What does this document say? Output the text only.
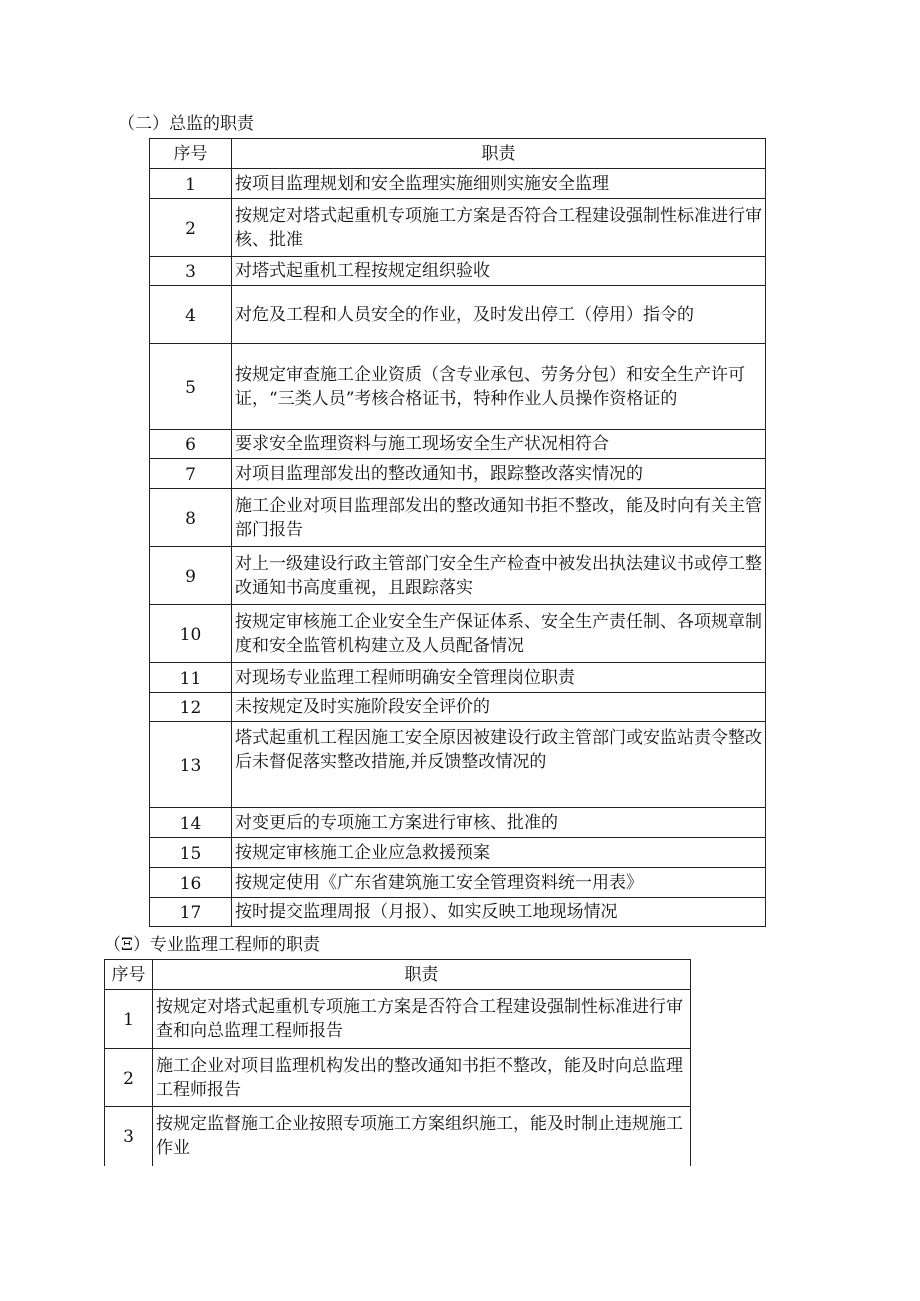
（二）总监的职责
序号	职责
1	按项目监理规划和安全监理实施细则实施安全监理
2	按规定对塔式起重机专项施工方案是否符合工程建设强制性标准进行审核、批准
3	对塔式起重机工程按规定组织验收
4	对危及工程和人员安全的作业，及时发出停工（停用）指令的
5	按规定审查施工企业资质（含专业承包、劳务分包）和安全生产许可证，“三类人员”考核合格证书，特种作业人员操作资格证的
6	要求安全监理资料与施工现场安全生产状况相符合
7	对项目监理部发出的整改通知书，跟踪整改落实情况的
8	施工企业对项目监理部发出的整改通知书拒不整改，能及时向有关主管部门报告
9	对上一级建设行政主管部门安全生产检查中被发出执法建议书或停工整改通知书高度重视，且跟踪落实
10	按规定审核施工企业安全生产保证体系、安全生产责任制、各项规章制度和安全监管机构建立及人员配备情况
11	对现场专业监理工程师明确安全管理岗位职责
12	未按规定及时实施阶段安全评价的
13	塔式起重机工程因施工安全原因被建设行政主管部门或安监站责令整改后未督促落实整改措施,并反馈整改情况的
14	对变更后的专项施工方案进行审核、批准的
15	按规定审核施工企业应急救援预案
16	按规定使用《广东省建筑施工安全管理资料统一用表》
17	按时提交监理周报（月报）、如实反映工地现场情况
（Ξ）专业监理工程师的职责
序号	职责
1	按规定对塔式起重机专项施工方案是否符合工程建设强制性标准进行审查和向总监理工程师报告
2	施工企业对项目监理机构发出的整改通知书拒不整改，能及时向总监理工程师报告
3	按规定监督施工企业按照专项施工方案组织施工，能及时制止违规施工作业
